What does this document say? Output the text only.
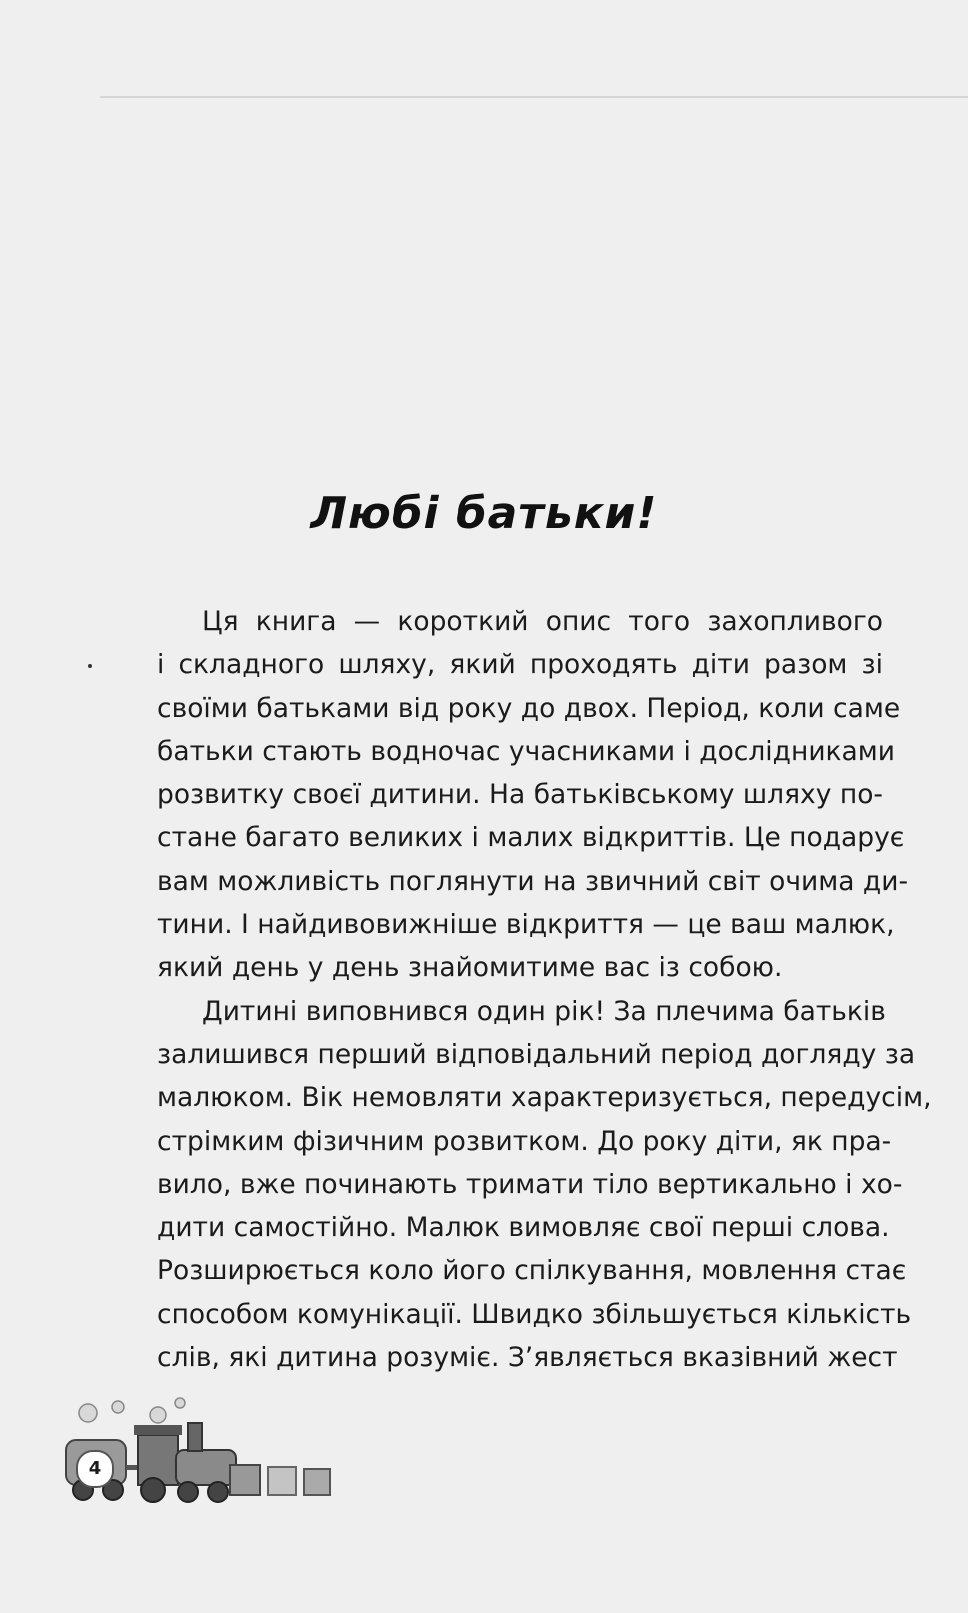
Любі батьки!
Ця книга — короткий опис того захопливого
і складного шляху, який проходять діти разом зі
своїми батьками від року до двох. Період, коли саме
батьки стають водночас учасниками і дослідниками
розвитку своєї дитини. На батьківському шляху по-
стане багато великих і малих відкриттів. Це подарує
вам можливість поглянути на звичний світ очима ди-
тини. І найдивовижніше відкриття — це ваш малюк,
який день у день знайомитиме вас із собою.
Дитині виповнився один рік! За плечима батьків
залишився перший відповідальний період догляду за
малюком. Вік немовляти характеризується, передусім,
стрімким фізичним розвитком. До року діти, як пра-
вило, вже починають тримати тіло вертикально і хо-
дити самостійно. Малюк вимовляє свої перші слова.
Розширюється коло його спілкування, мовлення стає
способом комунікації. Швидко збільшується кількість
слів, які дитина розуміє. З’являється вказівний жест
4
